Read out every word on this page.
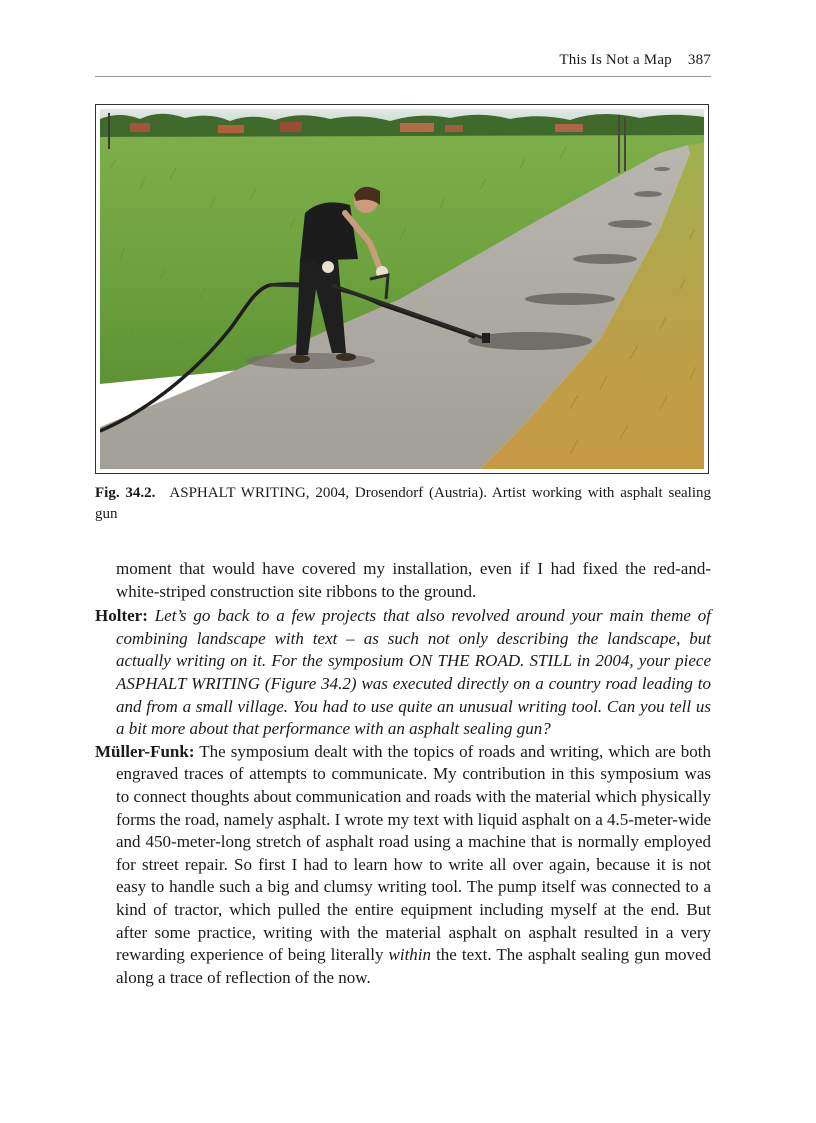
This Is Not a Map 387
Fig. 34.2. ASPHALT WRITING, 2004, Drosendorf (Austria). Artist working with asphalt sealing gun

moment that would have covered my installation, even if I had fixed the red-and-white-striped construction site ribbons to the ground.

Holter: Let’s go back to a few projects that also revolved around your main theme of combining landscape with text – as such not only describing the landscape, but actually writing on it. For the symposium ON THE ROAD. STILL in 2004, your piece ASPHALT WRITING (Figure 34.2) was executed directly on a country road leading to and from a small village. You had to use quite an unusual writing tool. Can you tell us a bit more about that performance with an asphalt sealing gun?

Müller-Funk: The symposium dealt with the topics of roads and writing, which are both engraved traces of attempts to communicate. My contribution in this symposium was to connect thoughts about communication and roads with the material which physically forms the road, namely asphalt. I wrote my text with liquid asphalt on a 4.5-meter-wide and 450-meter-long stretch of asphalt road using a machine that is normally employed for street repair. So first I had to learn how to write all over again, because it is not easy to handle such a big and clumsy writing tool. The pump itself was connected to a kind of tractor, which pulled the entire equipment including myself at the end. But after some practice, writing with the material asphalt on asphalt resulted in a very rewarding experience of being literally within the text. The asphalt sealing gun moved along a trace of reflection of the now.
